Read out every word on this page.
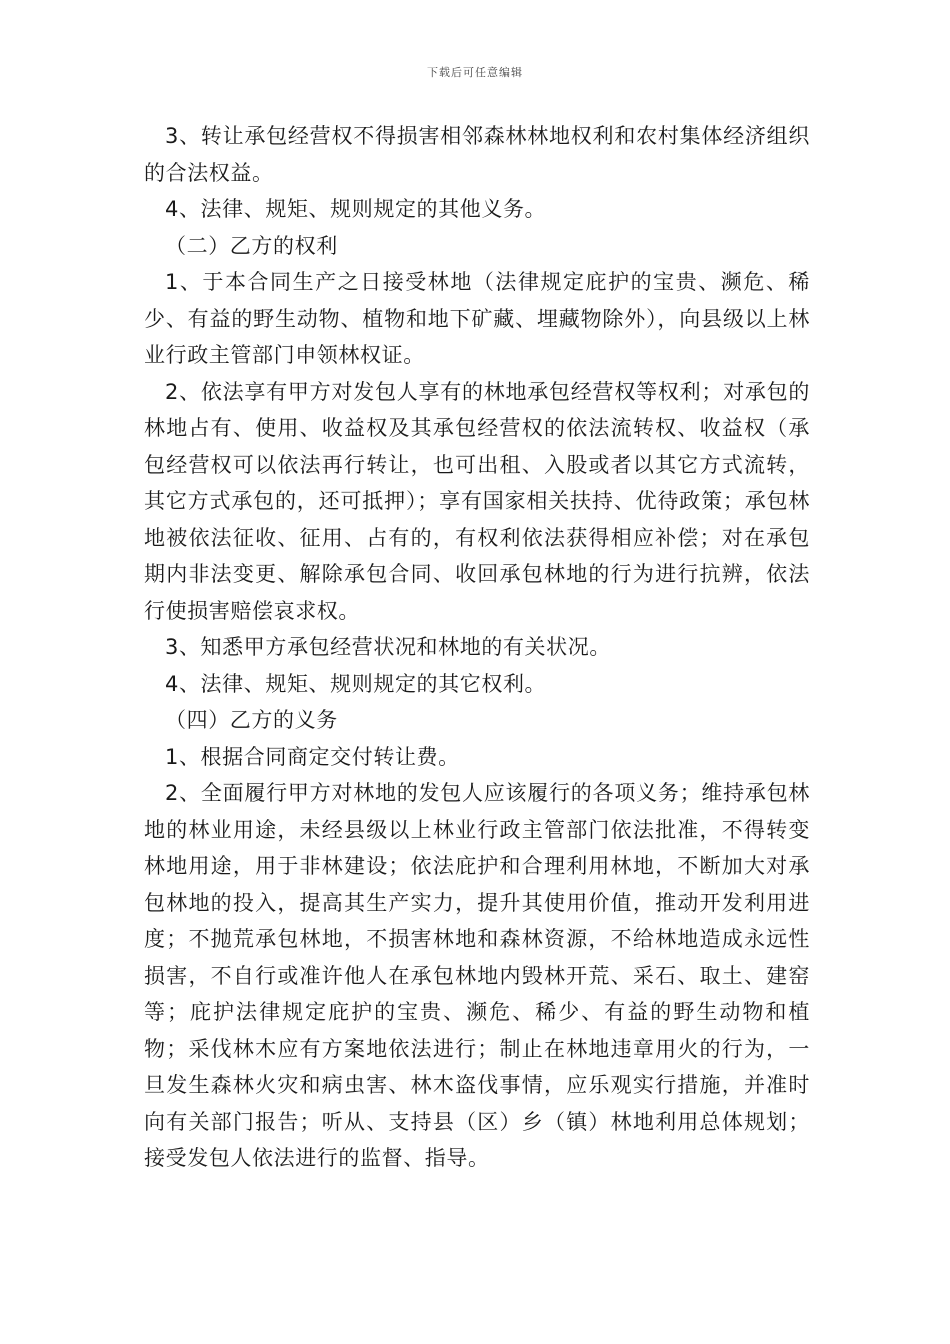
下载后可任意编辑

3、转让承包经营权不得损害相邻森林林地权利和农村集体经济组织的合法权益。

4、法律、规矩、规则规定的其他义务。

（二）乙方的权利

1、于本合同生产之日接受林地（法律规定庇护的宝贵、濒危、稀少、有益的野生动物、植物和地下矿藏、埋藏物除外），向县级以上林业行政主管部门申领林权证。

2、依法享有甲方对发包人享有的林地承包经营权等权利；对承包的林地占有、使用、收益权及其承包经营权的依法流转权、收益权（承包经营权可以依法再行转让，也可出租、入股或者以其它方式流转，其它方式承包的，还可抵押）；享有国家相关扶持、优待政策；承包林地被依法征收、征用、占有的，有权利依法获得相应补偿；对在承包期内非法变更、解除承包合同、收回承包林地的行为进行抗辨，依法行使损害赔偿哀求权。

3、知悉甲方承包经营状况和林地的有关状况。

4、法律、规矩、规则规定的其它权利。

（四）乙方的义务

1、根据合同商定交付转让费。

2、全面履行甲方对林地的发包人应该履行的各项义务；维持承包林地的林业用途，未经县级以上林业行政主管部门依法批准，不得转变林地用途，用于非林建设；依法庇护和合理利用林地，不断加大对承包林地的投入，提高其生产实力，提升其使用价值，推动开发利用进度；不抛荒承包林地，不损害林地和森林资源，不给林地造成永远性损害，不自行或准许他人在承包林地内毁林开荒、采石、取土、建窑等；庇护法律规定庇护的宝贵、濒危、稀少、有益的野生动物和植物；采伐林木应有方案地依法进行；制止在林地违章用火的行为，一旦发生森林火灾和病虫害、林木盗伐事情，应乐观实行措施，并准时向有关部门报告；听从、支持县（区）乡（镇）林地利用总体规划；接受发包人依法进行的监督、指导。
